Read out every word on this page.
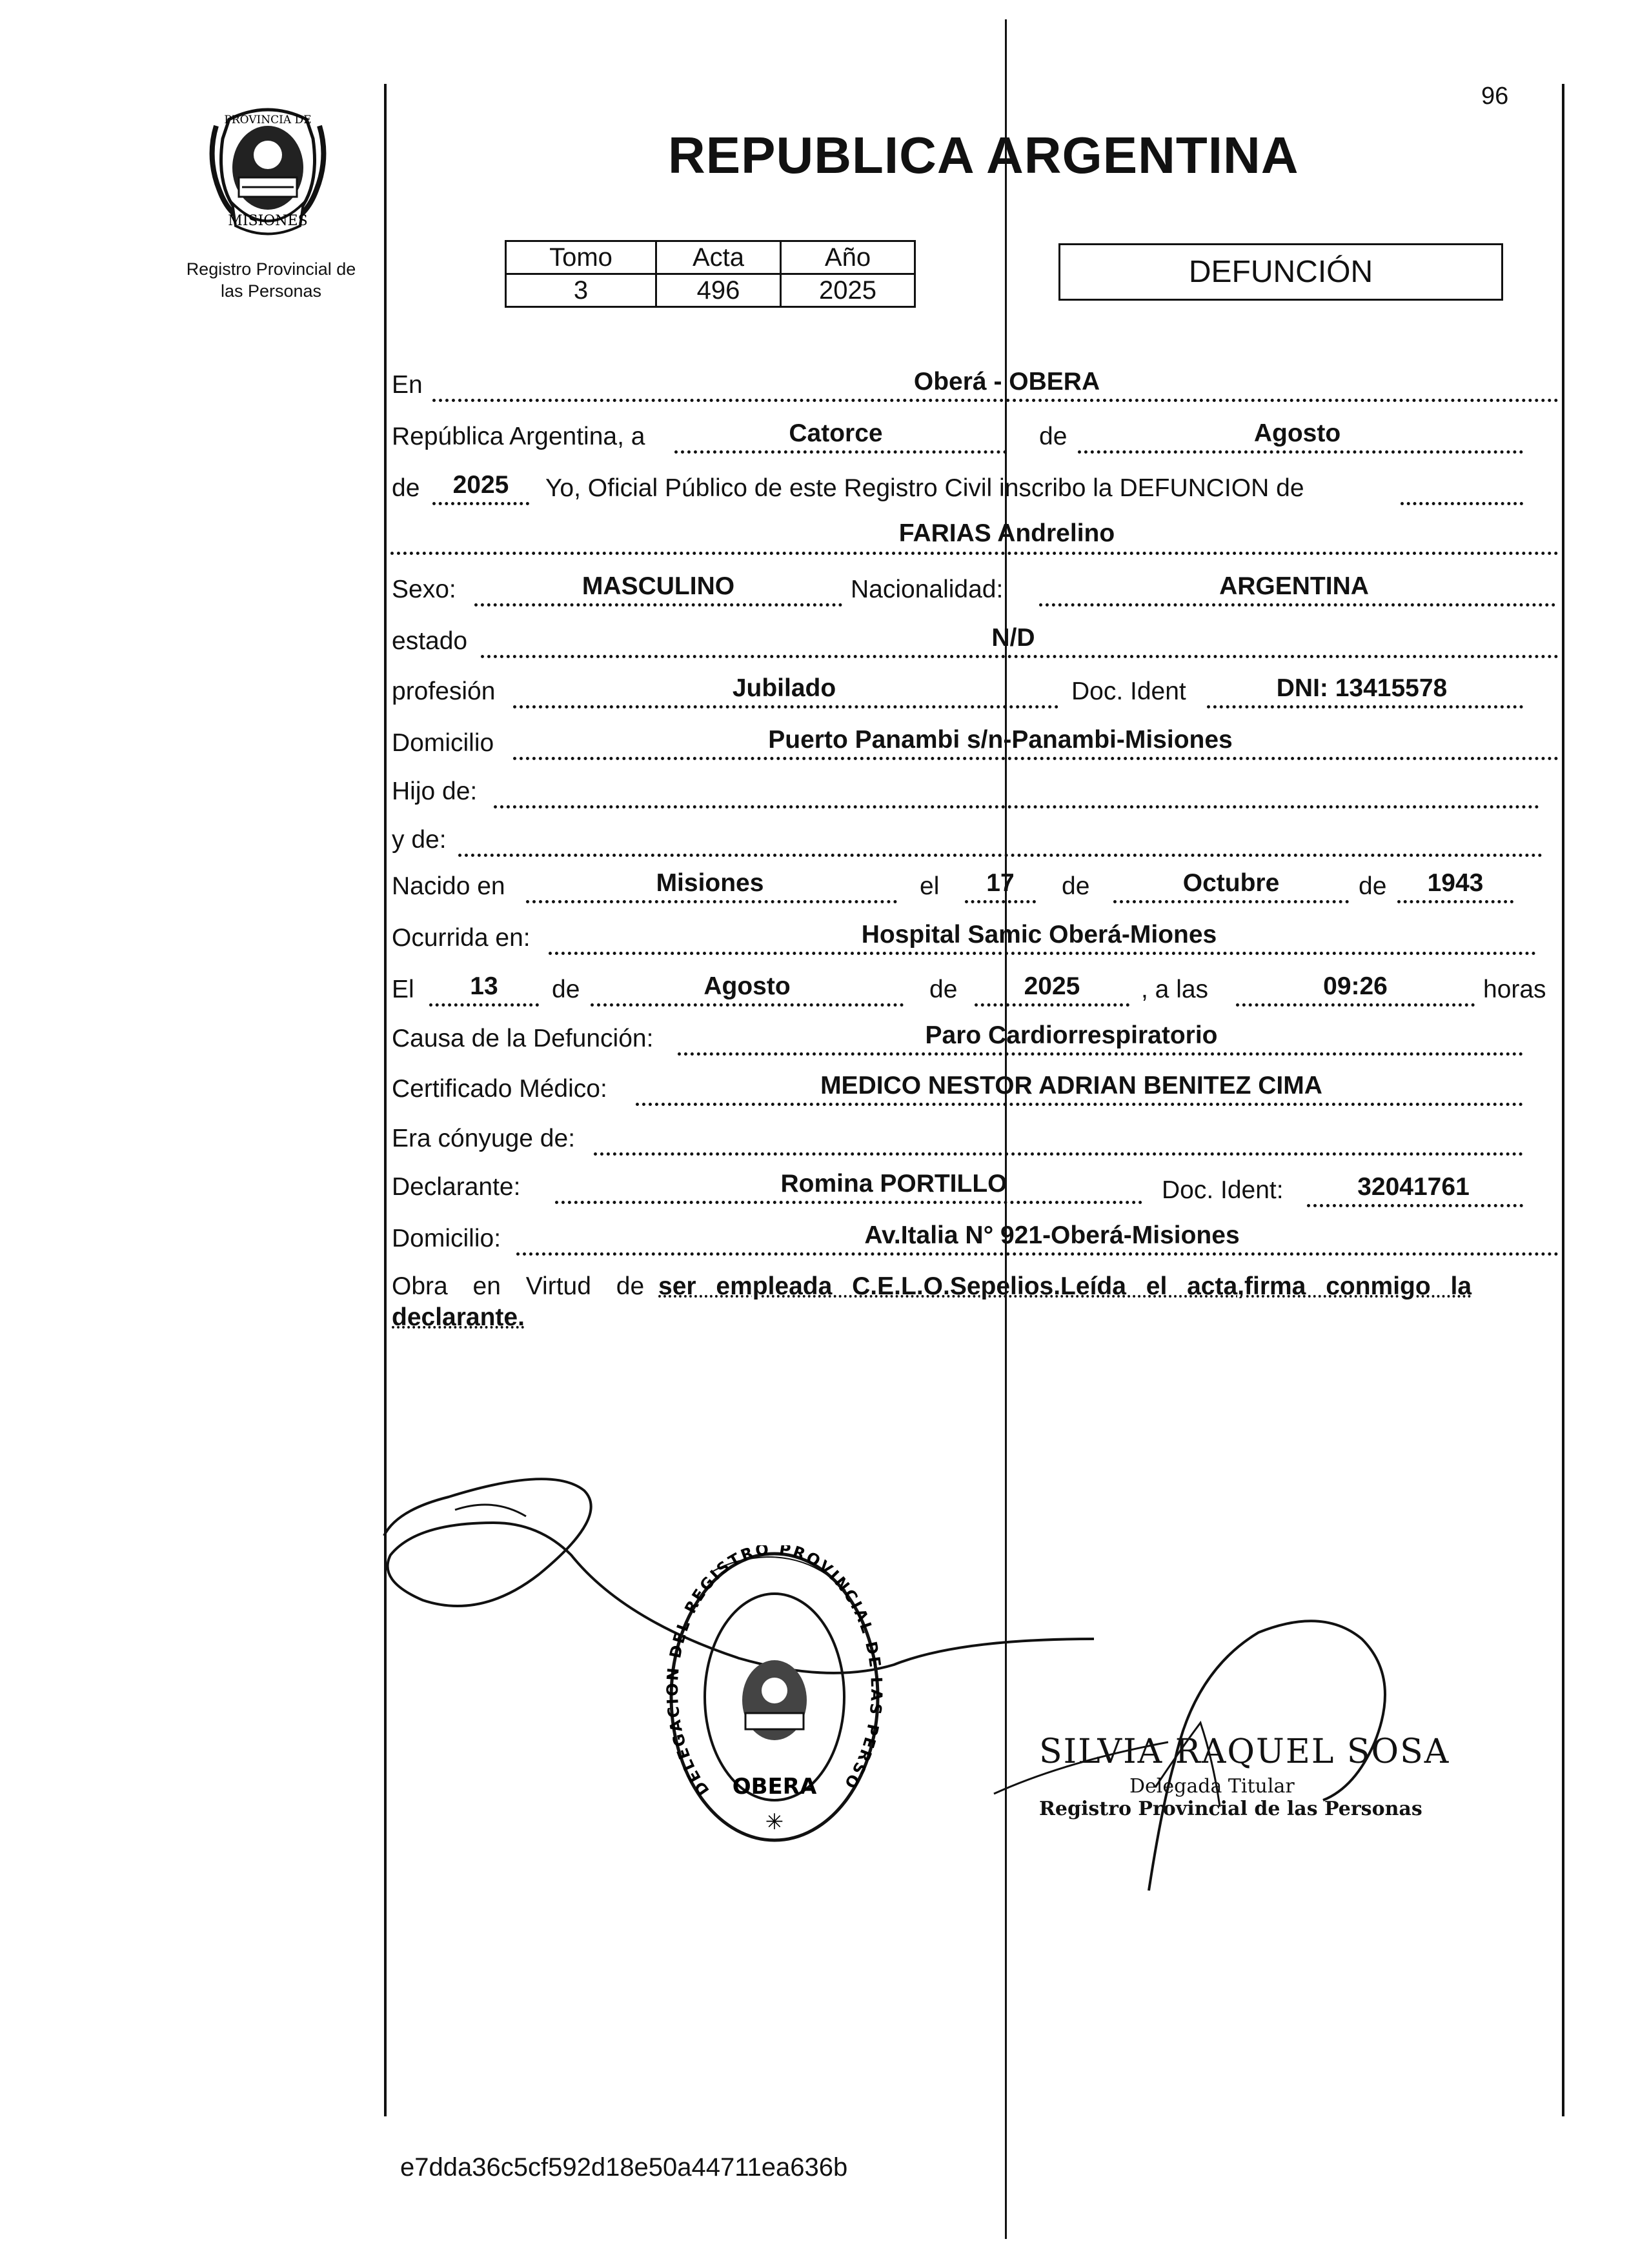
96
PROVINCIA DE
MISIONES
Registro Provincial de
las Personas
REPUBLICA ARGENTINA
Tomo	Acta	Año
3	496	2025
DEFUNCIÓN
En	Oberá - OBERA
República Argentina, a	Catorce	de	Agosto
de	2025	Yo, Oficial Público de este Registro Civil inscribo la DEFUNCION de
FARIAS Andrelino
Sexo:	MASCULINO	Nacionalidad:	ARGENTINA
estado	N/D
profesión	Jubilado	Doc. Ident	DNI: 13415578
Domicilio	Puerto Panambi s/n-Panambi-Misiones
Hijo de:
y de:
Nacido en	Misiones	el	17	de	Octubre	de	1943
Ocurrida en:	Hospital Samic Oberá-Miones
El	13	de	Agosto	de	2025	, a las	09:26	horas
Causa de la Defunción:	Paro Cardiorrespiratorio
Certificado Médico:	MEDICO NESTOR ADRIAN BENITEZ CIMA
Era cónyuge de:
Declarante:	Romina PORTILLO	Doc. Ident:	32041761
Domicilio:	Av.Italia N° 921-Oberá-Misiones
Obra en Virtud de ser empleada C.E.L.O.Sepelios.Leída el acta,firma conmigo la
declarante.
OBERA
✳
DELEGACION DEL REGISTRO PROVINCIAL DE LAS PERSO
SILVIA RAQUEL SOSA
Delegada Titular
Registro Provincial de las Personas
e7dda36c5cf592d18e50a44711ea636b
